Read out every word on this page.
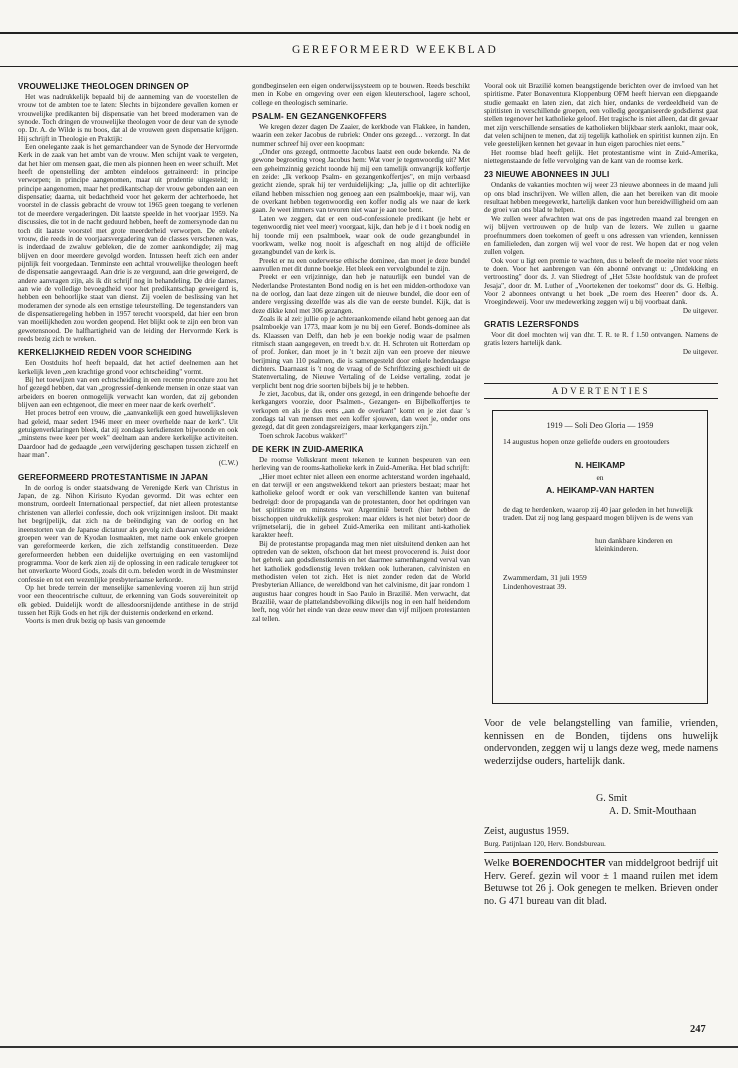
GEREFORMEERD WEEKBLAD
VROUWELIJKE THEOLOGEN DRINGEN OP

Het was nadrukkelijk bepaald bij de aanneming van de voorstellen de vrouw tot de ambten toe te laten: Slechts in bijzondere gevallen komen er vrouwelijke predikanten bij dispensatie van het breed moderamen van de synode. Toch dringen de vrouwelijke theologen voor de deur van de synode op. Dr. A. de Wilde is nu boos, dat al de vrouwen geen dispensatie krijgen. Hij schrijft in Theologie en Praktijk:

Een onelegante zaak is het gemarchandeer van de Synode der Hervormde Kerk in de zaak van het ambt van de vrouw. Men schijnt vaak te vergeten, dat het hier om mensen gaat, die men als pionnen heen en weer schuift. Met heeft de openstelling der ambten eindeloos getraineerd: in principe verworpen; in principe aangenomen, maar uit prudentie uitgesteld; in principe aangenomen, maar het predikantschap der vrouw gebonden aan een dispensatie; daarna, uit bedachtheid voor het gekerm der achterhoede, het voorstel in de classis gebracht de vrouw tot 1965 geen toegang te verlenen tot de meerdere vergaderingen. Dit laatste speelde in het voorjaar 1959. Na discussies, die tot in de nacht geduurd hebben, heeft de zomersynode dan nu toch dit laatste voorstel met grote meerderheid verworpen. De enkele vrouw, die reeds in de voorjaarsvergadering van de classes verschenen was, is inderdaad de zwaluw gebleken, die de zomer aankondigde; zij mag blijven en door meerdere gevolgd worden. Intussen heeft zich een ander pijnlijk feit voorgedaan. Tenminste een achttal vrouwelijke theologen heeft de dispensatie aangevraagd. Aan drie is ze verguund, aan drie geweigerd, de andere aanvragen zijn, als ik dit schrijf nog in behandeling. De drie dames, aan wie de volledige bevoegdheid voor het predikantschap geweigerd is, hebben een behoorlijke staat van dienst. Zij voelen de beslissing van het moderamen der synode als een ernstige teleurstelling. De tegenstanders van de dispensatieregeling hebben in 1957 terecht voorspeld, dat hier een bron van moeilijkheden zou worden geopend. Het blijkt ook te zijn een bron van gewetensnood. De halfhartigheid van de leiding der Hervormde Kerk is reeds bezig zich te wreken.

KERKELIJKHEID REDEN VOOR SCHEIDING

Een Oostduits hof heeft bepaald, dat het actief deelnemen aan het kerkelijk leven „een krachtige grond voor echtscheiding" vormt.

Bij het toewijzen van een echtscheiding in een recente procedure zou het hof gezegd hebben, dat van „progressief-denkende mensen in onze staat van arbeiders en boeren onmogelijk verwacht kan worden, dat zij gebonden blijven aan een echtgenoot, die meer en meer naar de kerk overhelt".

Het proces betrof een vrouw, die „aanvankelijk een goed huwelijksleven had geleid, maar sedert 1946 meer en meer overhelde naar de kerk". Uit getuigenverklaringen bleek, dat zij zondags kerkdiensten bijwoonde en ook „minstens twee keer per week" deelnam aan andere kerkelijke activiteiten. Daardoor had de gedaagde „een verwijdering geschapen tussen zichzelf en haar man".

(C.W.)

GEREFORMEERD PROTESTANTISME IN JAPAN

In de oorlog is onder staatsdwang de Verenigde Kerk van Christus in Japan, de zg. Nihon Kirisuto Kyodan gevormd. Dit was echter een monstrum, oordeelt Internationaal perspectief, dat niet alleen protestantse christenen van allerlei confessie, doch ook vrijzinnigen insloot. Dit maakt het begrijpelijk, dat zich na de beëindiging van de oorlog en het ineenstorten van de Japanse dictatuur als gevolg zich daarvan verscheidene groepen weer van de Kyodan losmaakten, met name ook enkele groepen van gereformeerde kerken, die zich zelfstandig constitueerden. Deze gereformeerden hebben een duidelijke overtuiging en een vastomlijnd programma. Voor de kerk zien zij de oplossing in een radicale terugkeer tot het onverkorte Woord Gods, zoals dit o.m. beleden wordt in de Westminster confessie en tot een wezenlijke presbyteriaanse kerkorde.

Op het brede terrein der menselijke samenleving voeren zij hun strijd voor een theocentrische cultuur, de erkenning van Gods souvereiniteit op elk gebied. Duidelijk wordt de allesdoorsnijdende antithese in de strijd tussen het Rijk Gods en het rijk der duisternis onderkend en erkend.

Voorts is men druk bezig op basis van genoemde

gondbeginselen een eigen onderwijssysteem op te bouwen. Reeds beschikt men in Kobe en omgeving over een eigen kleuterschool, lagere school, college en theologisch seminarie.

PSALM- EN GEZANGENKOFFERS

We kregen dezer dagen De Zaaier, de kerkbode van Flakkee, in handen, waarin een zeker Jacobus de rubriek: Onder ons gezegd… verzorgt. In dat nummer schreef hij over een koopman:

„Onder ons gezegd, ontmoette Jacobus laatst een oude bekende. Na de gewone begroeting vroeg Jacobus hem: Wat voer je tegenwoordig uit? Met een geheimzinnig gezicht toonde hij mij een tamelijk omvangrijk koffertje en zeide: „Ik verkoop Psalm- en gezangenkoffertjes", en mijn verbaasd gezicht ziende, sprak hij ter verduidelijking: „Ja, jullie op dit achterlijke eiland hebben misschien nog genoeg aan een psalmboekje, maar wij, van de overkant hebben tegenwoordig een koffer nodig als we naar de kerk gaan. Je weet immers van tevoren niet waar je aan toe bent.

Laten we zeggen, dat er een oud-confessionele predikant (je hebt er tegenwoordig niet veel meer) voorgaat, kijk, dan heb je d i t boek nodig en hij toonde mij een psalmboek, waar ook de oude gezangbundel in voorkwam, welke nog nooit is afgeschaft en nog altijd de officiële gezangbundel van de kerk is.

Preekt er nu een ouderwetse ethische dominee, dan moet je deze bundel aanvullen met dit dunne boekje. Het bleek een vervolgbundel te zijn.

Preekt er een vrijzinnige, dan heb je natuurlijk een bundel van de Nederlandse Protestanten Bond nodig en is het een midden-orthodoxe van na de oorlog, dan laat deze zingen uit de nieuwe bundel, die door een of andere vergissing dezelfde was als die van de eerste bundel. Kijk, dat is deze dikke knol met 306 gezangen.

Zoals ik al zei: jullie op je achteraankomende eiland hebt genoeg aan dat psalmboekje van 1773, maar kom je nu bij een Geref. Bonds-dominee als ds. Klaassen van Delft, dan heb je een boekje nodig waar de psalmen ritmisch staan aangegeven, en treedt b.v. dr. H. Schroten uit Rotterdam op of prof. Jonker, dan moet je in 't bezit zijn van een proeve der nieuwe berijming van 110 psalmen, die is samengesteld door enkele hedendaagse dichters. Daarnaast is 't nog de vraag of de Schriftlezing geschiedt uit de Statenvertaling, de Nieuwe Vertaling of de Leidse vertaling, zodat je verplicht bent nog drie soorten bijbels bij je te hebben.

Je ziet, Jacobus, dat ik, onder ons gezegd, in een dringende behoefte der kerkgangers voorzie, door Psalmen-, Gezangen- en Bijbelkoffertjes te verkopen en als je dus eens „aan de overkant" komt en je ziet daar 's zondags tal van mensen met een koffer sjouwen, dan weet je, onder ons gezegd, dat dit geen zondagsreizigers, maar kerkgangers zijn."

Toen schrok Jacobus wakker!"

DE KERK IN ZUID-AMERIKA

De roomse Volkskrant meent tekenen te kunnen bespeuren van een herleving van de rooms-katholieke kerk in Zuid-Amerika. Het blad schrijft:

„Hier moet echter niet alleen een enorme achterstand worden ingehaald, en dat terwijl er een angstwekkend tekort aan priesters bestaat; maar het katholieke geloof wordt er ook van verschillende kanten van buitenaf bedreigd: door de propaganda van de protestanten, door het opdringen van het spiritisme en minstens wat Argentinië betreft (hier hebben de bisschoppen uitdrukkelijk gesproken: maar elders is het niet beter) door de vrijmetselarij, die in geheel Zuid-Amerika een militant anti-katholiek karakter heeft.

Bij de protestantse propaganda mag men niet uitsluitend denken aan het optreden van de sekten, ofschoon dat het meest provocerend is. Juist door het gebrek aan godsdienstkennis en het daarmee samenhangend verval van het katholiek godsdienstig leven trekken ook lutheranen, calvinisten en methodisten velen tot zich. Het is niet zonder reden dat de World Presbyterian Alliance, de wereldbond van het calvinisme, dit jaar rondom 1 augustus haar congres houdt in Sao Paulo in Brazilië. Men verwacht, dat Brazilië, waar de plattelandsbevolking dikwijls nog in een half heidendom leeft, nog vóór het einde van deze eeuw meer dan vijf miljoen protestanten zal tellen.

Vooral ook uit Brazilië komen beangstigende berichten over de invloed van het spiritisme. Pater Bonaventura Kloppenburg OFM heeft hiervan een diepgaande studie gemaakt en laten zien, dat zich hier, ondanks de verdeeldheid van de spiritisten in verschillende groepen, een volledig georganiseerde godsdienst gaat stellen tegenover het katholieke geloof. Het tragische is niet alleen, dat dit gevaar met zijn verschillende sensaties de katholieken blijkbaar sterk aanlokt, maar ook, dat velen schijnen te menen, dat zij tegelijk katholiek en spiritist kunnen zijn. En vele geestelijken kennen het gevaar in hun eigen parochies niet eens."

Het roomse blad heeft gelijk. Het protestantisme wint in Zuid-Amerika, niettegenstaande de felle vervolging van de kant van de roomse kerk.

23 NIEUWE ABONNEES IN JULI

Ondanks de vakanties mochten wij weer 23 nieuwe abonnees in de maand juli op ons blad inschrijven. We willen allen, die aan het bereiken van dit mooie resultaat hebben meegewerkt, hartelijk danken voor hun bereidwilligheid om aan de groei van ons blad te helpen.

We zullen weer afwachten wat ons de pas ingetreden maand zal brengen en wij blijven vertrouwen op de hulp van de lezers. We zullen u gaarne proefnummers doen toekomen of geeft u ons adressen van vrienden, kennissen en familieleden, dan zorgen wij wel voor de rest. We hopen dat er nog velen zullen volgen.

Ook voor u ligt een premie te wachten, dus u beleeft de moeite niet voor niets te doen. Voor het aanbrengen van één abonné ontvangt u: „Ontdekking en vertroosting" door ds. J. van Sliedregt of „Het 53ste hoofdstuk van de profeet Jesaja", door dr. M. Luther of „Voortekenen der toekomst" door ds. G. Helbig. Voor 2 abonnees ontvangt u het boek „De roem des Heeren" door ds. A. Vroegindeweij. Voor uw medewerking zeggen wij u bij voorbaat dank.

De uitgever.

GRATIS LEZERSFONDS

Voor dit doel mochten wij van dhr. T. R. te R. f 1.50 ontvangen. Namens de gratis lezers hartelijk dank.

De uitgever.

ADVERTENTIES
1919 — Soli Deo Gloria — 1959
14 augustus hopen onze geliefde ouders en grootouders
N. HEIKAMP
en
A. HEIKAMP-VAN HARTEN
de dag te herdenken, waarop zij 40 jaar geleden in het huwelijk traden. Dat zij nog lang gespaard mogen blijven is de wens van
hun dankbare kinderen en kleinkinderen.
Zwammerdam, 31 juli 1959
Lindenhovestraat 39.
Voor de vele belangstelling van familie, vrienden, kennissen en de Bonden, tijdens ons huwelijk ondervonden, zeggen wij u langs deze weg, mede namens wederzijdse ouders, hartelijk dank.
G. Smit
A. D. Smit-Mouthaan
Zeist, augustus 1959.
Burg. Patijnlaan 120, Herv. Bondsbureau.
Welke BOERENDOCHTER van middelgroot bedrijf uit Herv. Geref. gezin wil voor ± 1 maand ruilen met idem Betuwse tot 26 j. Ook genegen te melken. Brieven onder no. G 471 bureau van dit blad.
247
